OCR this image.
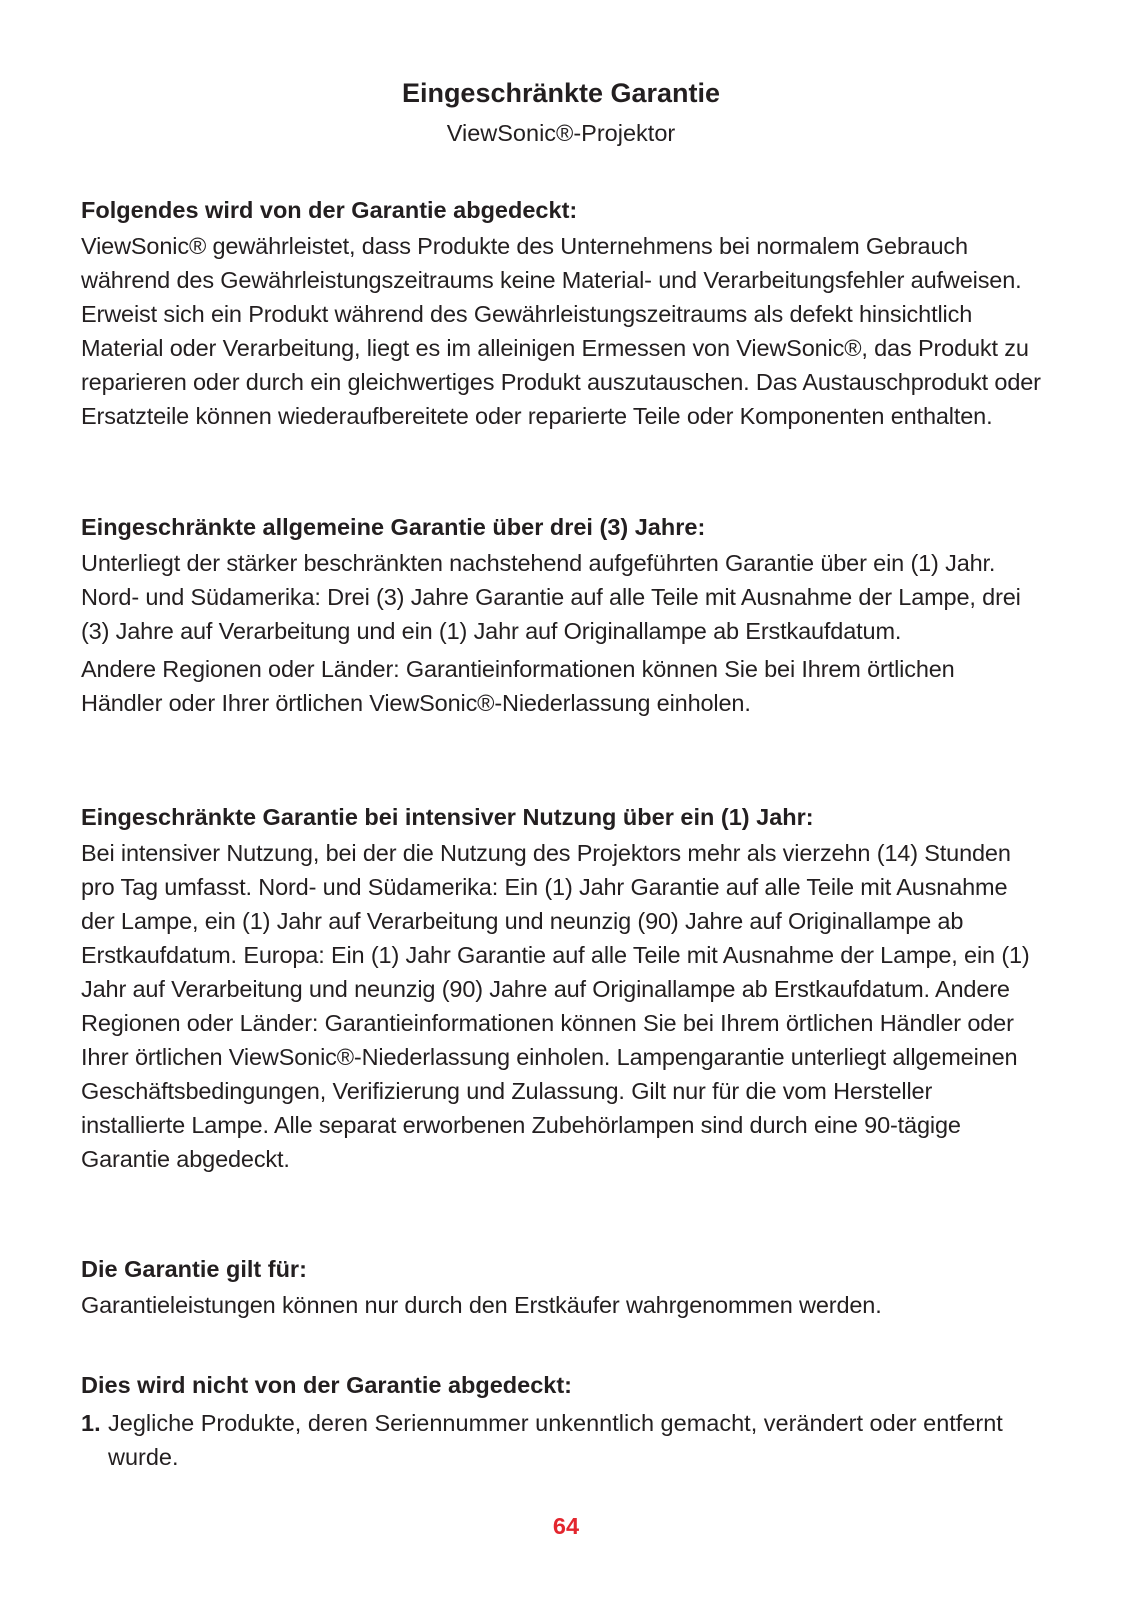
Eingeschränkte Garantie
ViewSonic®-Projektor
Folgendes wird von der Garantie abgedeckt:

ViewSonic® gewährleistet, dass Produkte des Unternehmens bei normalem Gebrauch während des Gewährleistungszeitraums keine Material- und Verarbeitungsfehler aufweisen. Erweist sich ein Produkt während des Gewährleistungszeitraums als defekt hinsichtlich Material oder Verarbeitung, liegt es im alleinigen Ermessen von ViewSonic®, das Produkt zu reparieren oder durch ein gleichwertiges Produkt auszutauschen. Das Austauschprodukt oder Ersatzteile können wiederaufbereitete oder reparierte Teile oder Komponenten enthalten.

Eingeschränkte allgemeine Garantie über drei (3) Jahre:

Unterliegt der stärker beschränkten nachstehend aufgeführten Garantie über ein (1) Jahr. Nord- und Südamerika: Drei (3) Jahre Garantie auf alle Teile mit Ausnahme der Lampe, drei (3) Jahre auf Verarbeitung und ein (1) Jahr auf Originallampe ab Erstkaufdatum.

Andere Regionen oder Länder: Garantieinformationen können Sie bei Ihrem örtlichen Händler oder Ihrer örtlichen ViewSonic®-Niederlassung einholen.

Eingeschränkte Garantie bei intensiver Nutzung über ein (1) Jahr:

Bei intensiver Nutzung, bei der die Nutzung des Projektors mehr als vierzehn (14) Stunden pro Tag umfasst. Nord- und Südamerika: Ein (1) Jahr Garantie auf alle Teile mit Ausnahme der Lampe, ein (1) Jahr auf Verarbeitung und neunzig (90) Jahre auf Originallampe ab Erstkaufdatum. Europa: Ein (1) Jahr Garantie auf alle Teile mit Ausnahme der Lampe, ein (1) Jahr auf Verarbeitung und neunzig (90) Jahre auf Originallampe ab Erstkaufdatum. Andere Regionen oder Länder: Garantieinformationen können Sie bei Ihrem örtlichen Händler oder Ihrer örtlichen ViewSonic®-Niederlassung einholen. Lampengarantie unterliegt allgemeinen Geschäftsbedingungen, Verifizierung und Zulassung. Gilt nur für die vom Hersteller installierte Lampe. Alle separat erworbenen Zubehörlampen sind durch eine 90-tägige Garantie abgedeckt.

Die Garantie gilt für:

Garantieleistungen können nur durch den Erstkäufer wahrgenommen werden.

Dies wird nicht von der Garantie abgedeckt:
1. Jegliche Produkte, deren Seriennummer unkenntlich gemacht, verändert oder entfernt wurde.
64
